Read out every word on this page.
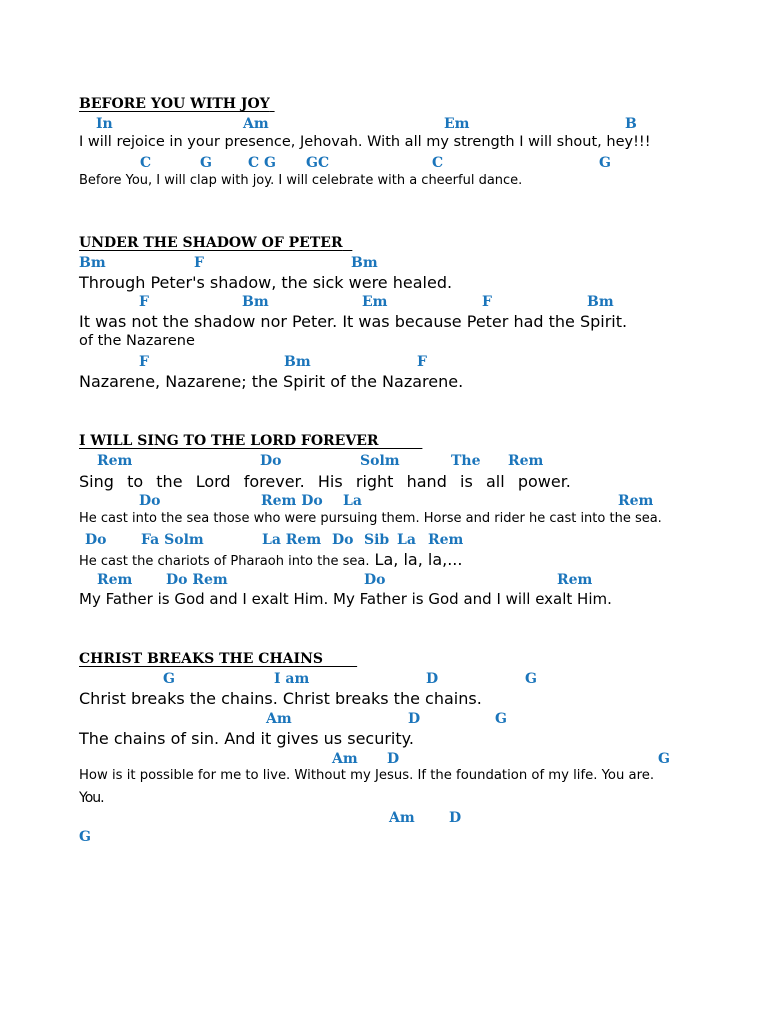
BEFORE YOU WITH JOY
In	Am	Em	B
I will rejoice in your presence, Jehovah. With all my strength I will shout, hey!!!
C	G	C G GC	C	G
Before You, I will clap with joy. I will celebrate with a cheerful dance.
UNDER THE SHADOW OF PETER
Bm	F	Bm
Through Peter's shadow, the sick were healed.
F	Bm	Em	F	Bm
It was not the shadow nor Peter. It was because Peter had the Spirit.
of the Nazarene
F	Bm	F
Nazarene, Nazarene; the Spirit of the Nazarene.
I WILL SING TO THE LORD FOREVER
Rem	Do	Solm	The Rem
Sing to the Lord forever. His right hand is all power.
Do	Rem Do La	Rem
He cast into the sea those who were pursuing them. Horse and rider he cast into the sea.
Do Fa Solm	La Rem Do Sib La Rem
He cast the chariots of Pharaoh into the sea. La, la, la,...
Rem Do Rem	Do	Rem
My Father is God and I exalt Him. My Father is God and I will exalt Him.
CHRIST BREAKS THE CHAINS
G	I am	D	G
Christ breaks the chains. Christ breaks the chains.
Am	D	G
The chains of sin. And it gives us security.
Am D	G
How is it possible for me to live. Without my Jesus. If the foundation of my life. You are.
You.
Am D
G
